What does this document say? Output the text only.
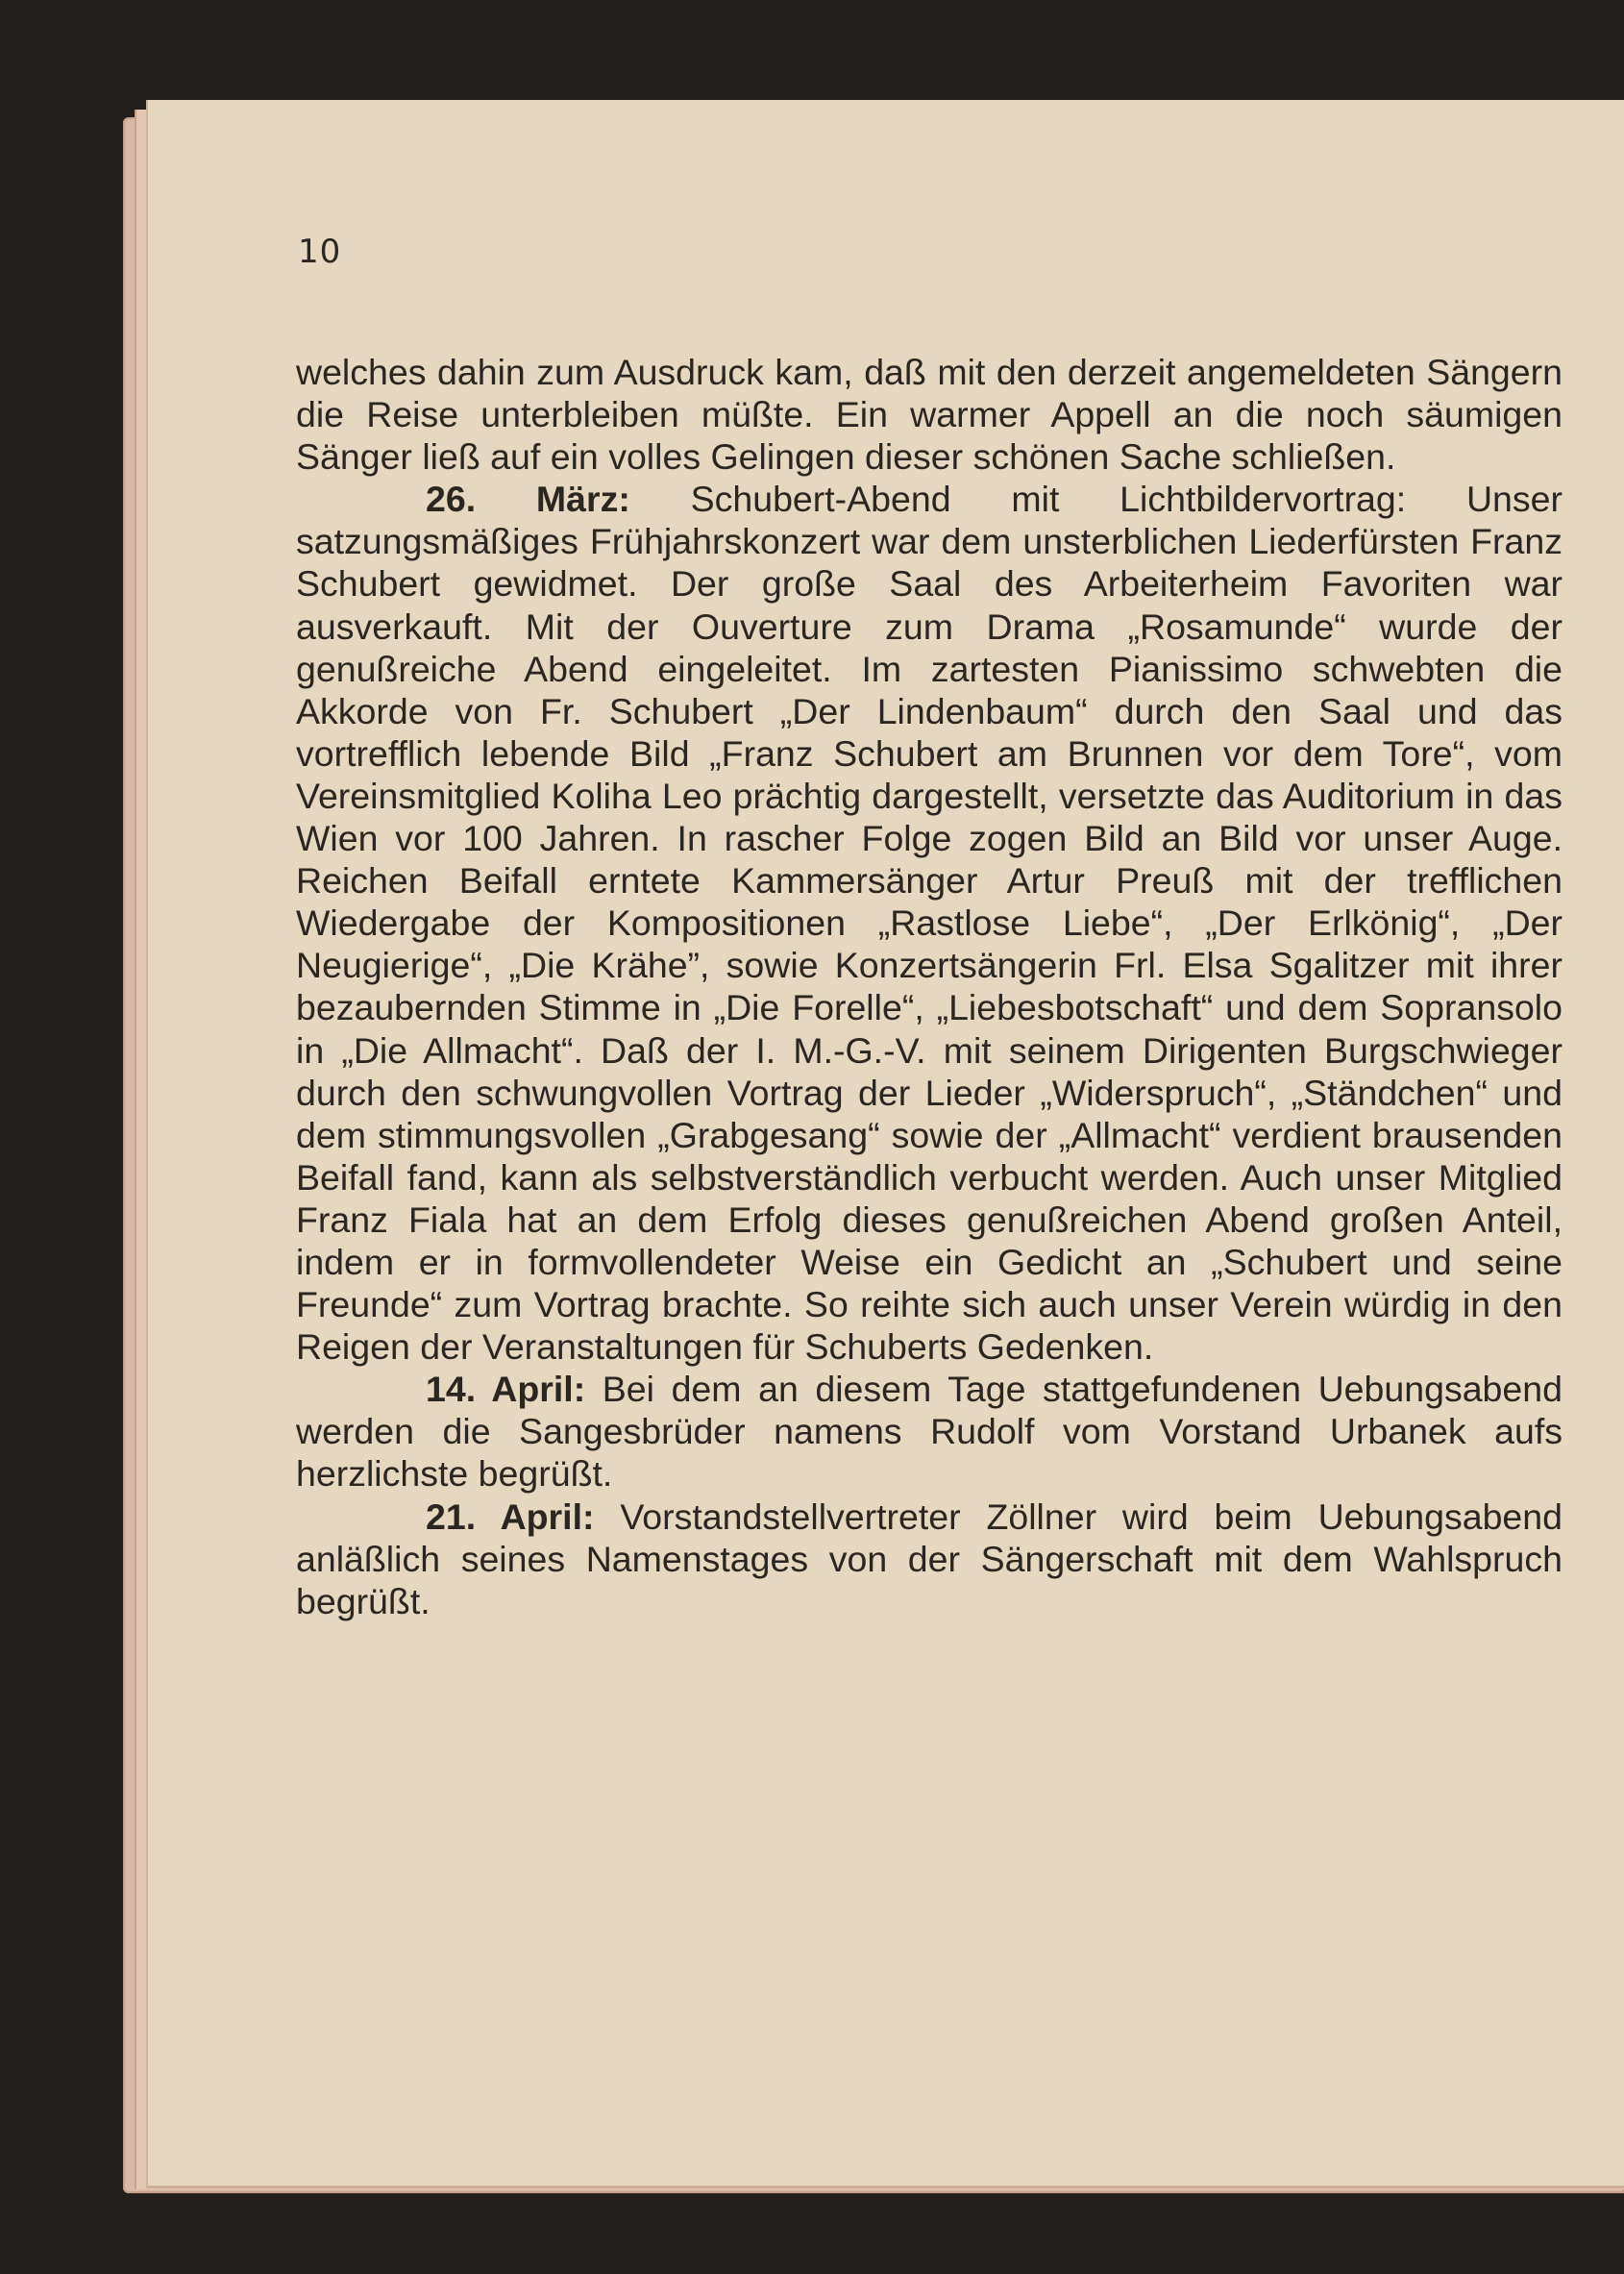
10

welches dahin zum Ausdruck kam, daß mit den derzeit angemeldeten Sängern die Reise unterbleiben müßte. Ein warmer Appell an die noch säumigen Sänger ließ auf ein volles Gelingen dieser schönen Sache schließen.

26. März: Schubert-Abend mit Lichtbildervortrag: Unser satzungsmäßiges Frühjahrskonzert war dem unsterblichen Liederfürsten Franz Schubert gewidmet. Der große Saal des Arbeiterheim Favoriten war ausverkauft. Mit der Ouverture zum Drama „Rosamunde“ wurde der genußreiche Abend eingeleitet. Im zartesten Pianissimo schwebten die Akkorde von Fr. Schubert „Der Lindenbaum“ durch den Saal und das vortrefflich lebende Bild „Franz Schubert am Brunnen vor dem Tore“, vom Vereinsmitglied Koliha Leo prächtig dargestellt, versetzte das Auditorium in das Wien vor 100 Jahren. In rascher Folge zogen Bild an Bild vor unser Auge. Reichen Beifall erntete Kammersänger Artur Preuß mit der trefflichen Wiedergabe der Kompositionen „Rastlose Liebe“, „Der Erlkönig“, „Der Neugierige“, „Die Krähe”, sowie Konzertsängerin Frl. Elsa Sgalitzer mit ihrer bezaubernden Stimme in „Die Forelle“, „Liebesbotschaft“ und dem Sopransolo in „Die Allmacht“. Daß der I. M.-G.-V. mit seinem Dirigenten Burgschwieger durch den schwungvollen Vortrag der Lieder „Widerspruch“, „Ständchen“ und dem stimmungsvollen „Grabgesang“ sowie der „Allmacht“ verdient brausenden Beifall fand, kann als selbstverständlich verbucht werden. Auch unser Mitglied Franz Fiala hat an dem Erfolg dieses genußreichen Abend großen Anteil, indem er in formvollendeter Weise ein Gedicht an „Schubert und seine Freunde“ zum Vortrag brachte. So reihte sich auch unser Verein würdig in den Reigen der Veranstaltungen für Schuberts Gedenken.

14. April: Bei dem an diesem Tage stattgefundenen Uebungsabend werden die Sangesbrüder namens Rudolf vom Vorstand Urbanek aufs herzlichste begrüßt.

21. April: Vorstandstellvertreter Zöllner wird beim Uebungsabend anläßlich seines Namenstages von der Sängerschaft mit dem Wahlspruch begrüßt.
